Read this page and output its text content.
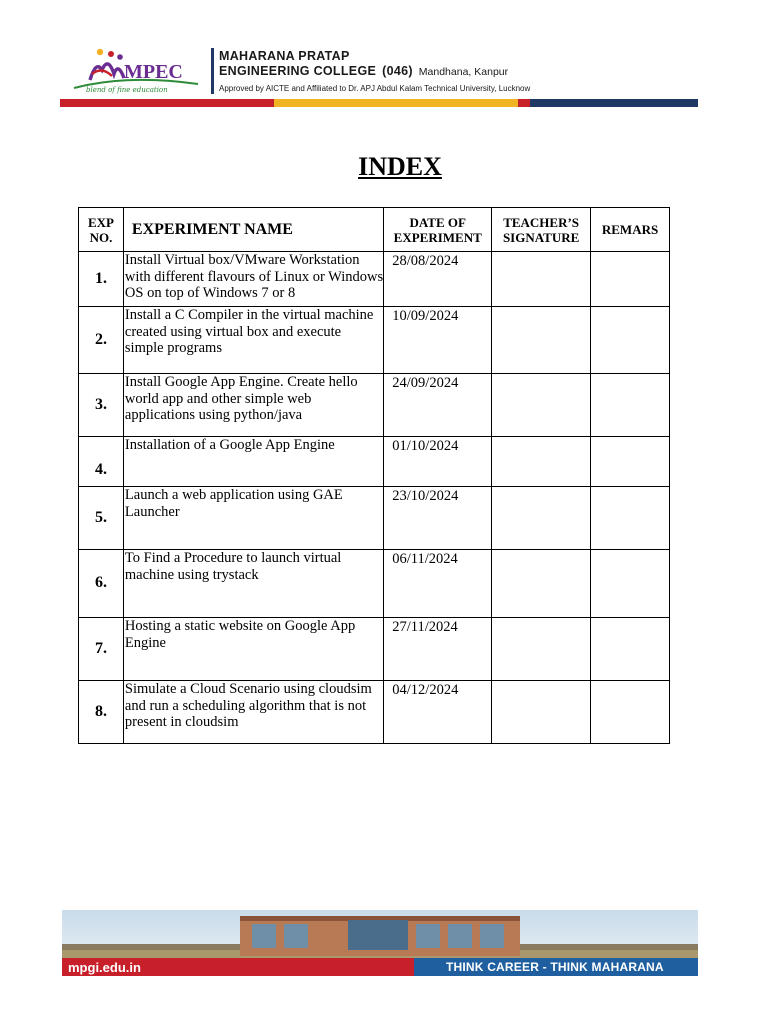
MPEC
blend of fine education
MAHARANA PRATAP
ENGINEERING COLLEGE (046) Mandhana, Kanpur
Approved by AICTE and Affiliated to Dr. APJ Abdul Kalam Technical University, Lucknow
INDEX
EXP NO.	EXPERIMENT NAME	DATE OF EXPERIMENT	TEACHER’S SIGNATURE	REMARS
1.	Install Virtual box/VMware Workstation with different flavours of Linux or Windows OS on top of Windows 7 or 8	28/08/2024		
2.	Install a C Compiler in the virtual machine created using virtual box and execute simple programs	10/09/2024		
3.	Install Google App Engine. Create hello world app and other simple web applications using python/java	24/09/2024		
4.	Installation of a Google App Engine	01/10/2024		
5.	Launch a web application using GAE Launcher	23/10/2024		
6.	To Find a Procedure to launch virtual machine using trystack	06/11/2024		
7.	Hosting a static website on Google App Engine	27/11/2024		
8.	Simulate a Cloud Scenario using cloudsim and run a scheduling algorithm that is not present in cloudsim	04/12/2024		
mpgi.edu.in	THINK CAREER - THINK MAHARANA
